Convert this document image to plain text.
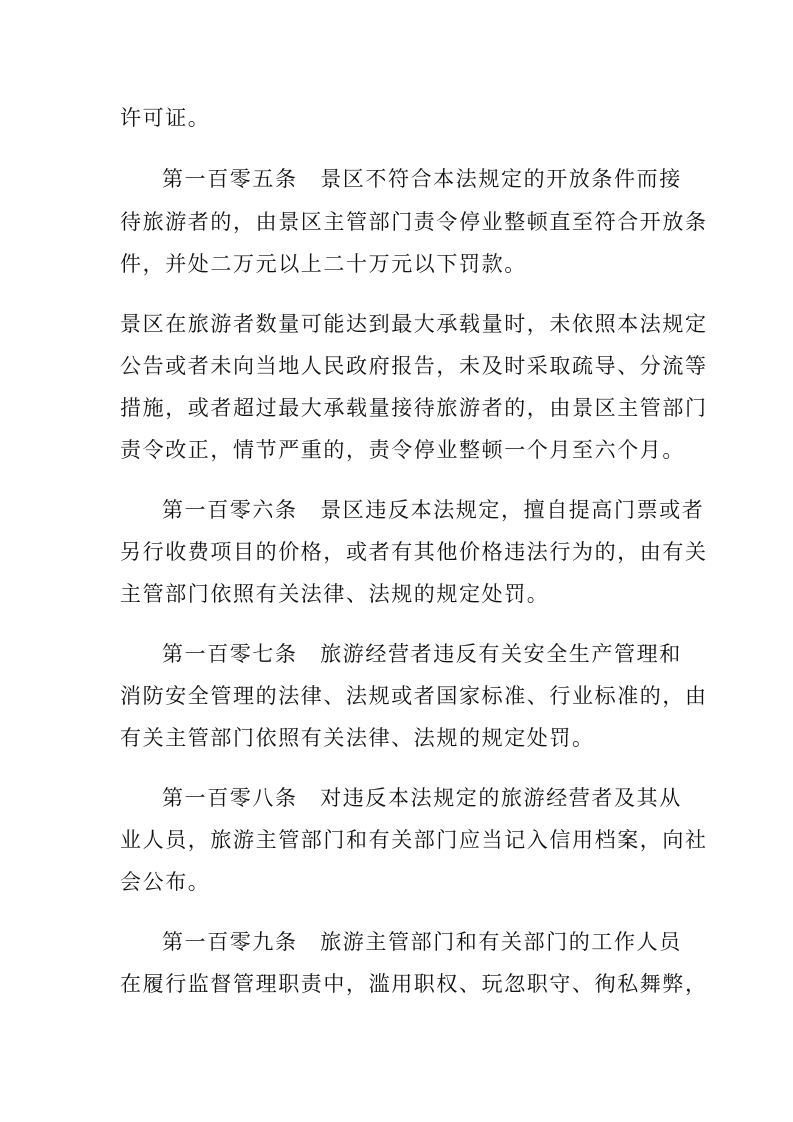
许可证。
第一百零五条　景区不符合本法规定的开放条件而接
待旅游者的，由景区主管部门责令停业整顿直至符合开放条
件，并处二万元以上二十万元以下罚款。
景区在旅游者数量可能达到最大承载量时，未依照本法规定
公告或者未向当地人民政府报告，未及时采取疏导、分流等
措施，或者超过最大承载量接待旅游者的，由景区主管部门
责令改正，情节严重的，责令停业整顿一个月至六个月。
第一百零六条　景区违反本法规定，擅自提高门票或者
另行收费项目的价格，或者有其他价格违法行为的，由有关
主管部门依照有关法律、法规的规定处罚。
第一百零七条　旅游经营者违反有关安全生产管理和
消防安全管理的法律、法规或者国家标准、行业标准的，由
有关主管部门依照有关法律、法规的规定处罚。
第一百零八条　对违反本法规定的旅游经营者及其从
业人员，旅游主管部门和有关部门应当记入信用档案，向社
会公布。
第一百零九条　旅游主管部门和有关部门的工作人员
在履行监督管理职责中，滥用职权、玩忽职守、徇私舞弊，
